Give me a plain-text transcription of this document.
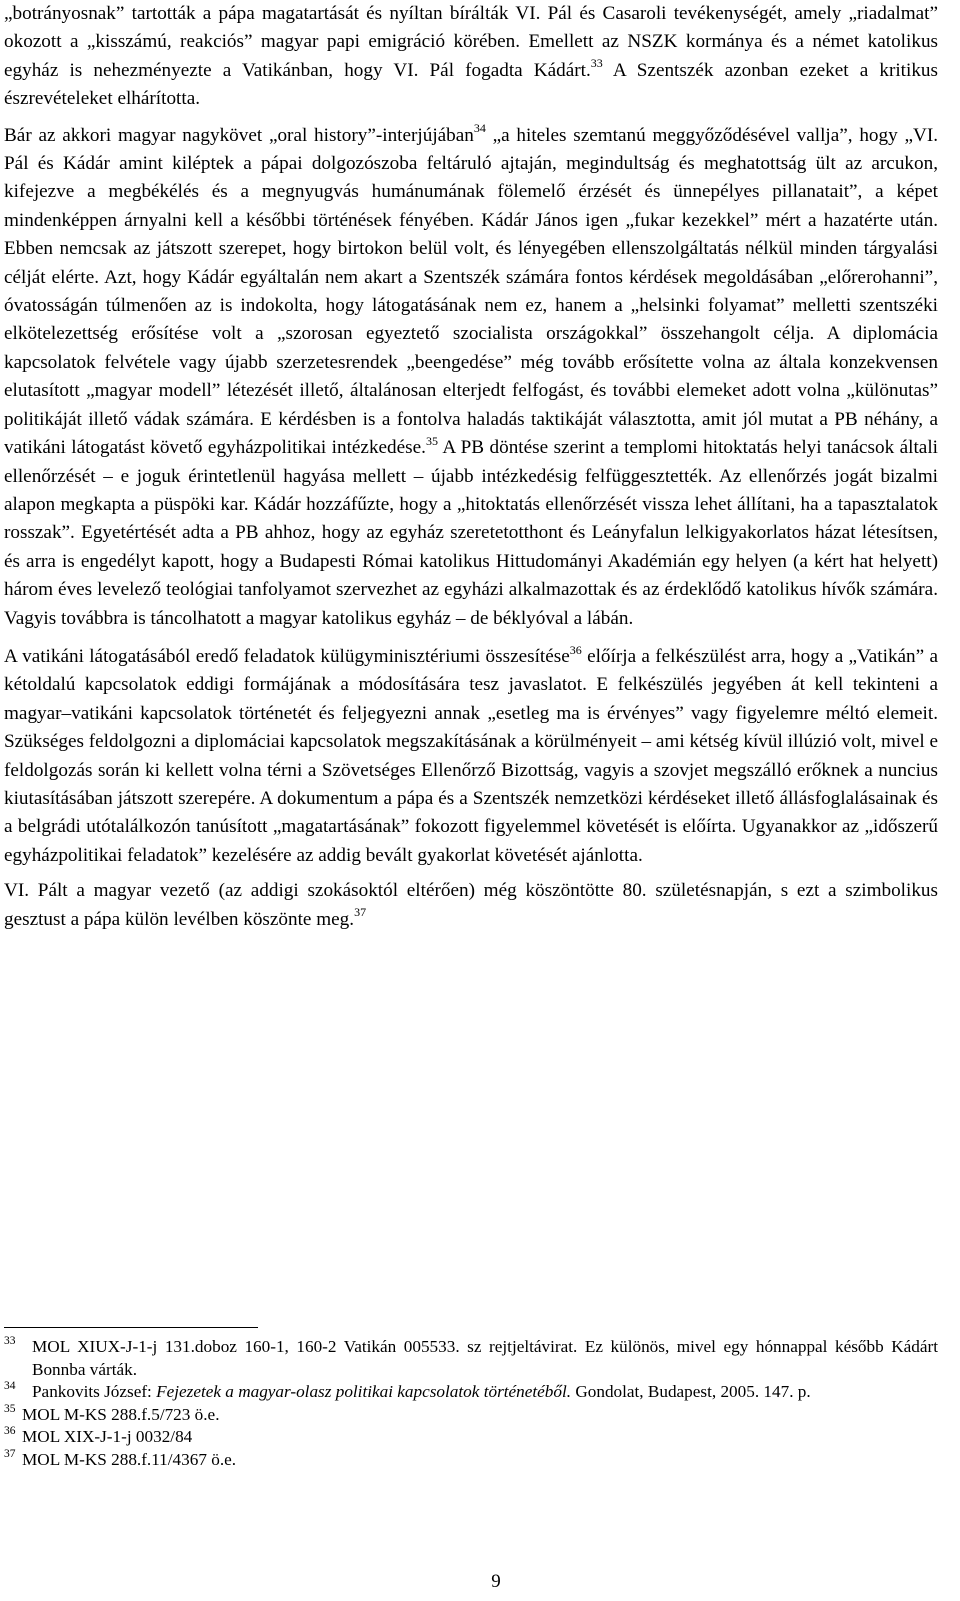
„botrányosnak” tartották a pápa magatartását és nyíltan bírálták VI. Pál és Casaroli tevékenységét, amely „riadalmat” okozott a „kisszámú, reakciós” magyar papi emigráció körében. Emellett az NSZK kormánya és a német katolikus egyház is nehezményezte a Vatikánban, hogy VI. Pál fogadta Kádárt.$^{33}$ A Szentszék azonban ezeket a kritikus észrevételeket elhárította.

Bár az akkori magyar nagykövet „oral history”-interjújában$^{34}$ „a hiteles szemtanú meggyőződésével vallja”, hogy „VI. Pál és Kádár amint kiléptek a pápai dolgozószoba feltáruló ajtaján, megindultság és meghatottság ült az arcukon, kifejezve a megbékélés és a megnyugvás humánumának fölemelő érzését és ünnepélyes pillanatait”, a képet mindenképpen árnyalni kell a későbbi történések fényében. Kádár János igen „fukar kezekkel” mért a hazatérte után. Ebben nemcsak az játszott szerepet, hogy birtokon belül volt, és lényegében ellenszolgáltatás nélkül minden tárgyalási célját elérte. Azt, hogy Kádár egyáltalán nem akart a Szentszék számára fontos kérdések megoldásában „előrerohanni”, óvatosságán túlmenően az is indokolta, hogy látogatásának nem ez, hanem a „helsinki folyamat” melletti szentszéki elkötelezettség erősítése volt a „szorosan egyeztető szocialista országokkal” összehangolt célja. A diplomácia kapcsolatok felvétele vagy újabb szerzetesrendek „beengedése” még tovább erősítette volna az általa konzekvensen elutasított „magyar modell” létezését illető, általánosan elterjedt felfogást, és további elemeket adott volna „különutas” politikáját illető vádak számára. E kérdésben is a fontolva haladás taktikáját választotta, amit jól mutat a PB néhány, a vatikáni látogatást követő egyházpolitikai intézkedése.$^{35}$ A PB döntése szerint a templomi hitoktatás helyi tanácsok általi ellenőrzését – e joguk érintetlenül hagyása mellett – újabb intézkedésig felfüggesztették. Az ellenőrzés jogát bizalmi alapon megkapta a püspöki kar. Kádár hozzáfűzte, hogy a „hitoktatás ellenőrzését vissza lehet állítani, ha a tapasztalatok rosszak”. Egyetértését adta a PB ahhoz, hogy az egyház szeretetotthont és Leányfalun lelkigyakorlatos házat létesítsen, és arra is engedélyt kapott, hogy a Budapesti Római katolikus Hittudományi Akadémián egy helyen (a kért hat helyett) három éves levelező teológiai tanfolyamot szervezhet az egyházi alkalmazottak és az érdeklődő katolikus hívők számára. Vagyis továbbra is táncolhatott a magyar katolikus egyház – de béklyóval a lábán.

A vatikáni látogatásából eredő feladatok külügyminisztériumi összesítése$^{36}$ előírja a felkészülést arra, hogy a „Vatikán” a kétoldalú kapcsolatok eddigi formájának a módosítására tesz javaslatot. E felkészülés jegyében át kell tekinteni a magyar–vatikáni kapcsolatok történetét és feljegyezni annak „esetleg ma is érvényes” vagy figyelemre méltó elemeit. Szükséges feldolgozni a diplomáciai kapcsolatok megszakításának a körülményeit – ami kétség kívül illúzió volt, mivel e feldolgozás során ki kellett volna térni a Szövetséges Ellenőrző Bizottság, vagyis a szovjet megszálló erőknek a nuncius kiutasításában játszott szerepére. A dokumentum a pápa és a Szentszék nemzetközi kérdéseket illető állásfoglalásainak és a belgrádi utótalálkozón tanúsított „magatartásának” fokozott figyelemmel követését is előírta. Ugyanakkor az „időszerű egyházpolitikai feladatok” kezelésére az addig bevált gyakorlat követését ajánlotta.

VI. Pált a magyar vezető (az addigi szokásoktól eltérően) még köszöntötte 80. születésnapján, s ezt a szimbolikus gesztust a pápa külön levélben köszönte meg.$^{37}$

33 MOL XIUX-J-1-j 131.doboz 160-1, 160-2 Vatikán 005533. sz rejtjeltávirat. Ez különös, mivel egy hónnappal később Kádárt Bonnba várták.
34 Pankovits József: Fejezetek a magyar-olasz politikai kapcsolatok történetéből. Gondolat, Budapest, 2005. 147. p.
35 MOL M-KS 288.f.5/723 ö.e.
36 MOL XIX-J-1-j 0032/84
37 MOL M-KS 288.f.11/4367 ö.e.
9
